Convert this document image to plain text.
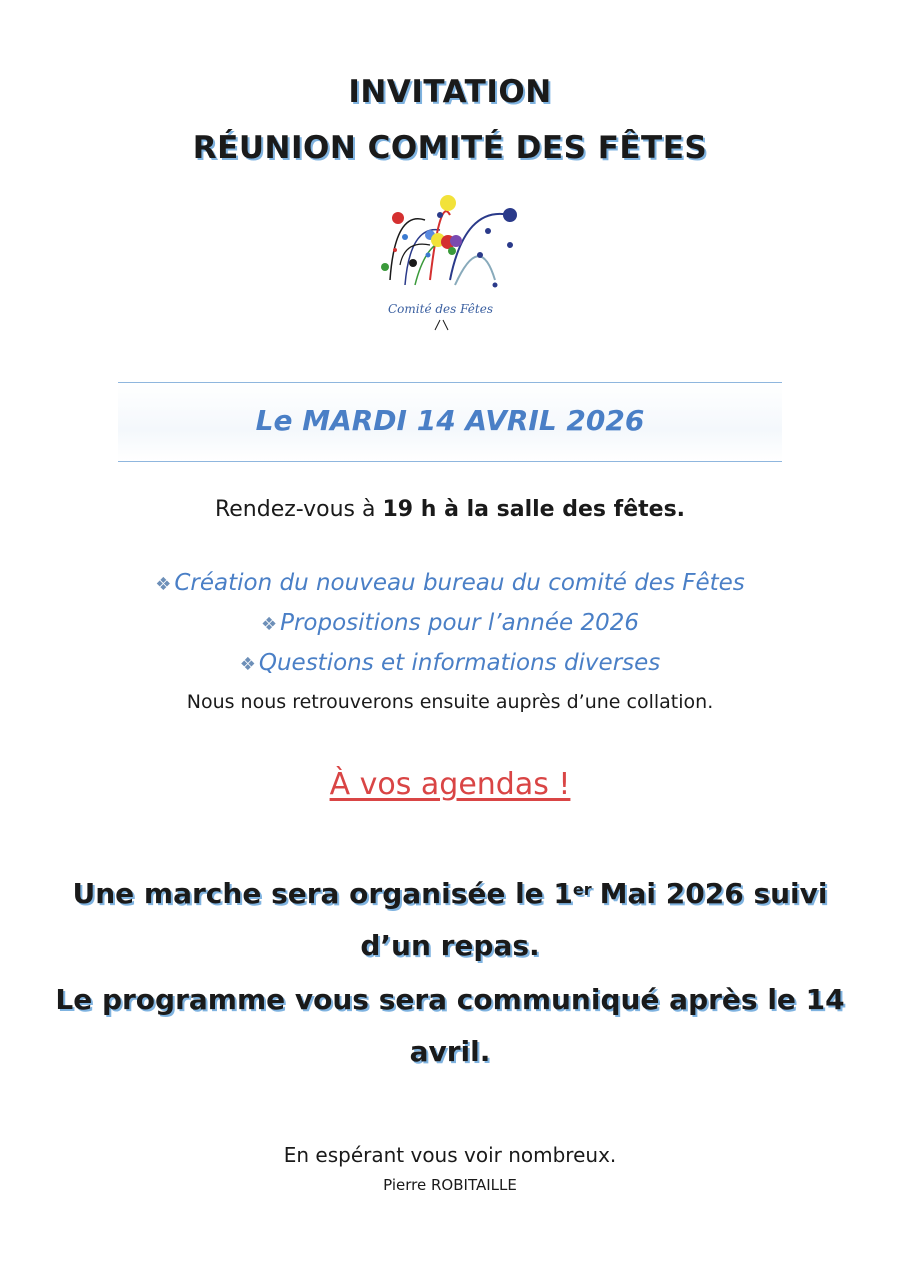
INVITATION
RÉUNION COMITÉ DES FÊTES
Comité des Fêtes
Le MARDI 14 AVRIL 2026
Rendez-vous à 19 h à la salle des fêtes.
❖ Création du nouveau bureau du comité des Fêtes
❖ Propositions pour l’année 2026
❖ Questions et informations diverses
Nous nous retrouverons ensuite auprès d’une collation.
À vos agendas !
Une marche sera organisée le 1er Mai 2026 suivi d’un repas.
Le programme vous sera communiqué après le 14 avril.
En espérant vous voir nombreux.
Pierre ROBITAILLE
